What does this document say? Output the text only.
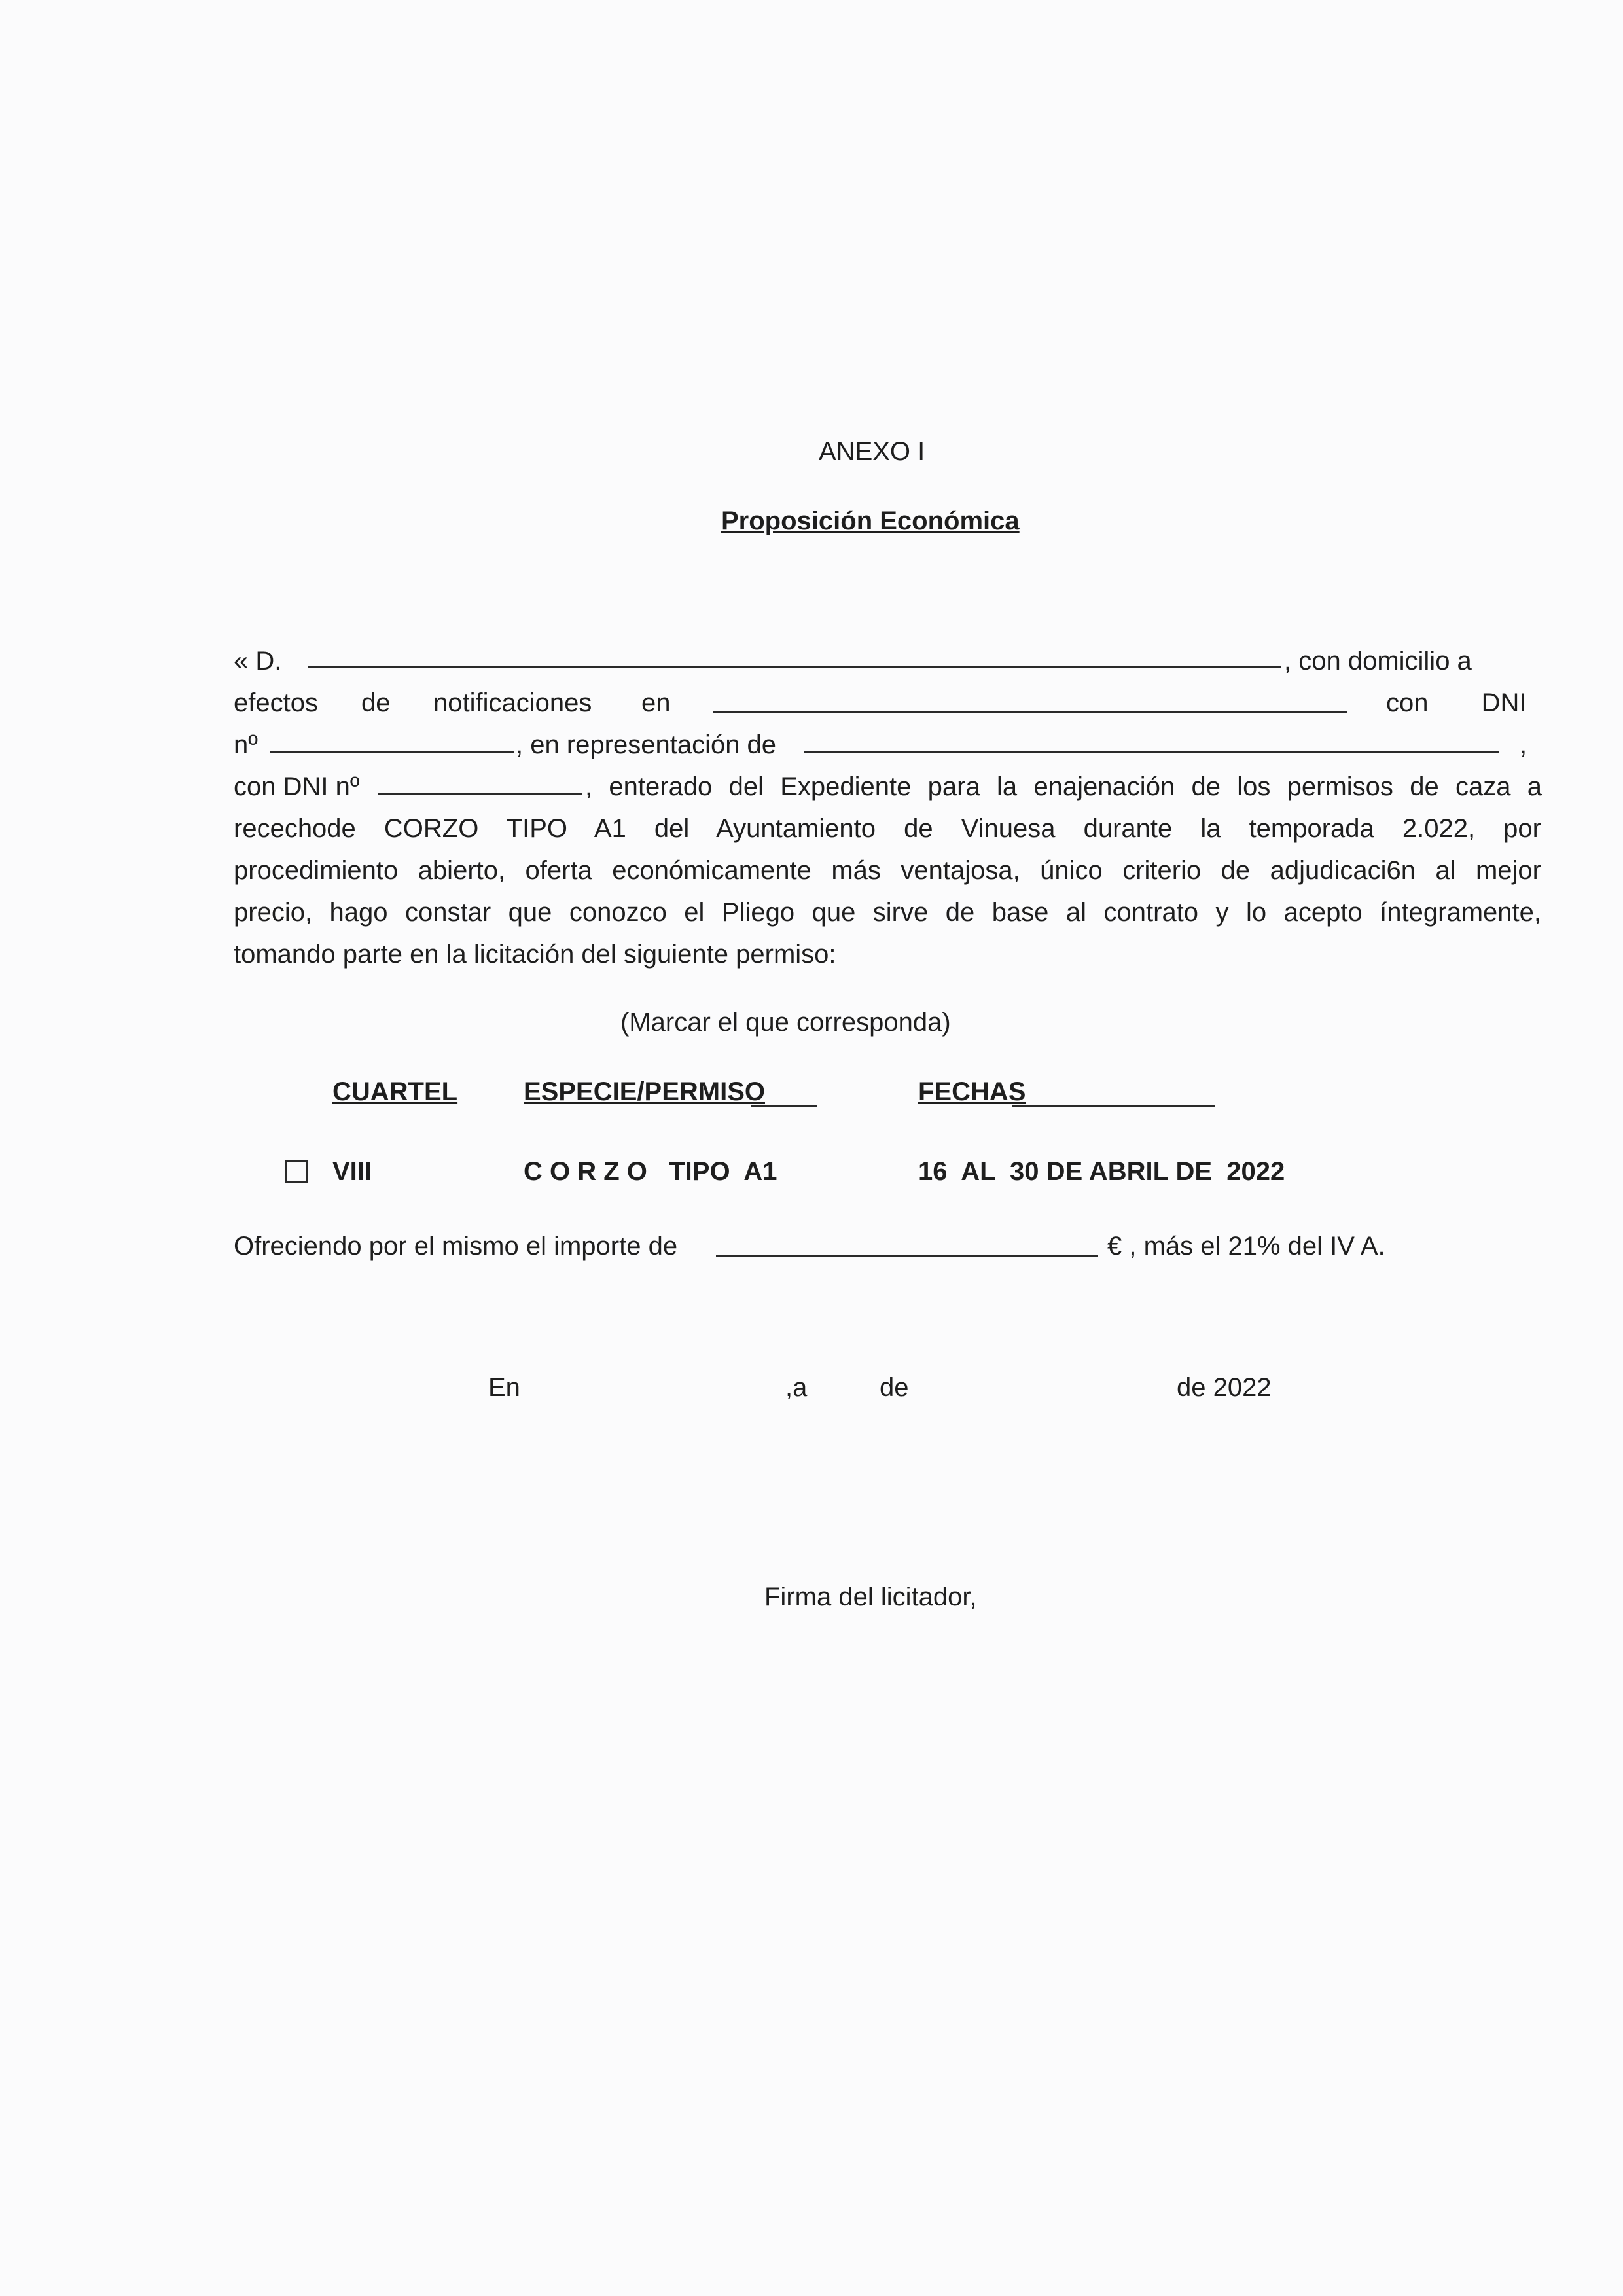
ANEXO I
Proposición Económica
« D.	, con domicilio a
efectos de notificaciones en	con DNI
nº	, en representación de	,
con DNI nº	, enterado del Expediente para la enajenación de los permisos de caza a
recechode CORZO TIPO A1 del Ayuntamiento de Vinuesa durante la temporada 2.022, por
procedimiento abierto, oferta económicamente más ventajosa, único criterio de adjudicaci6n al mejor
precio, hago constar que conozco el Pliego que sirve de base al contrato y lo acepto íntegramente,
tomando parte en la licitación del siguiente permiso:
(Marcar el que corresponda)
CUARTEL	ESPECIE/PERMISO	FECHAS
VIII	C O R Z O   TIPO  A1	16  AL  30 DE ABRIL DE  2022
Ofreciendo por el mismo el importe de	€ , más el 21% del IV A.
En	,a	de	de 2022
Firma del licitador,
